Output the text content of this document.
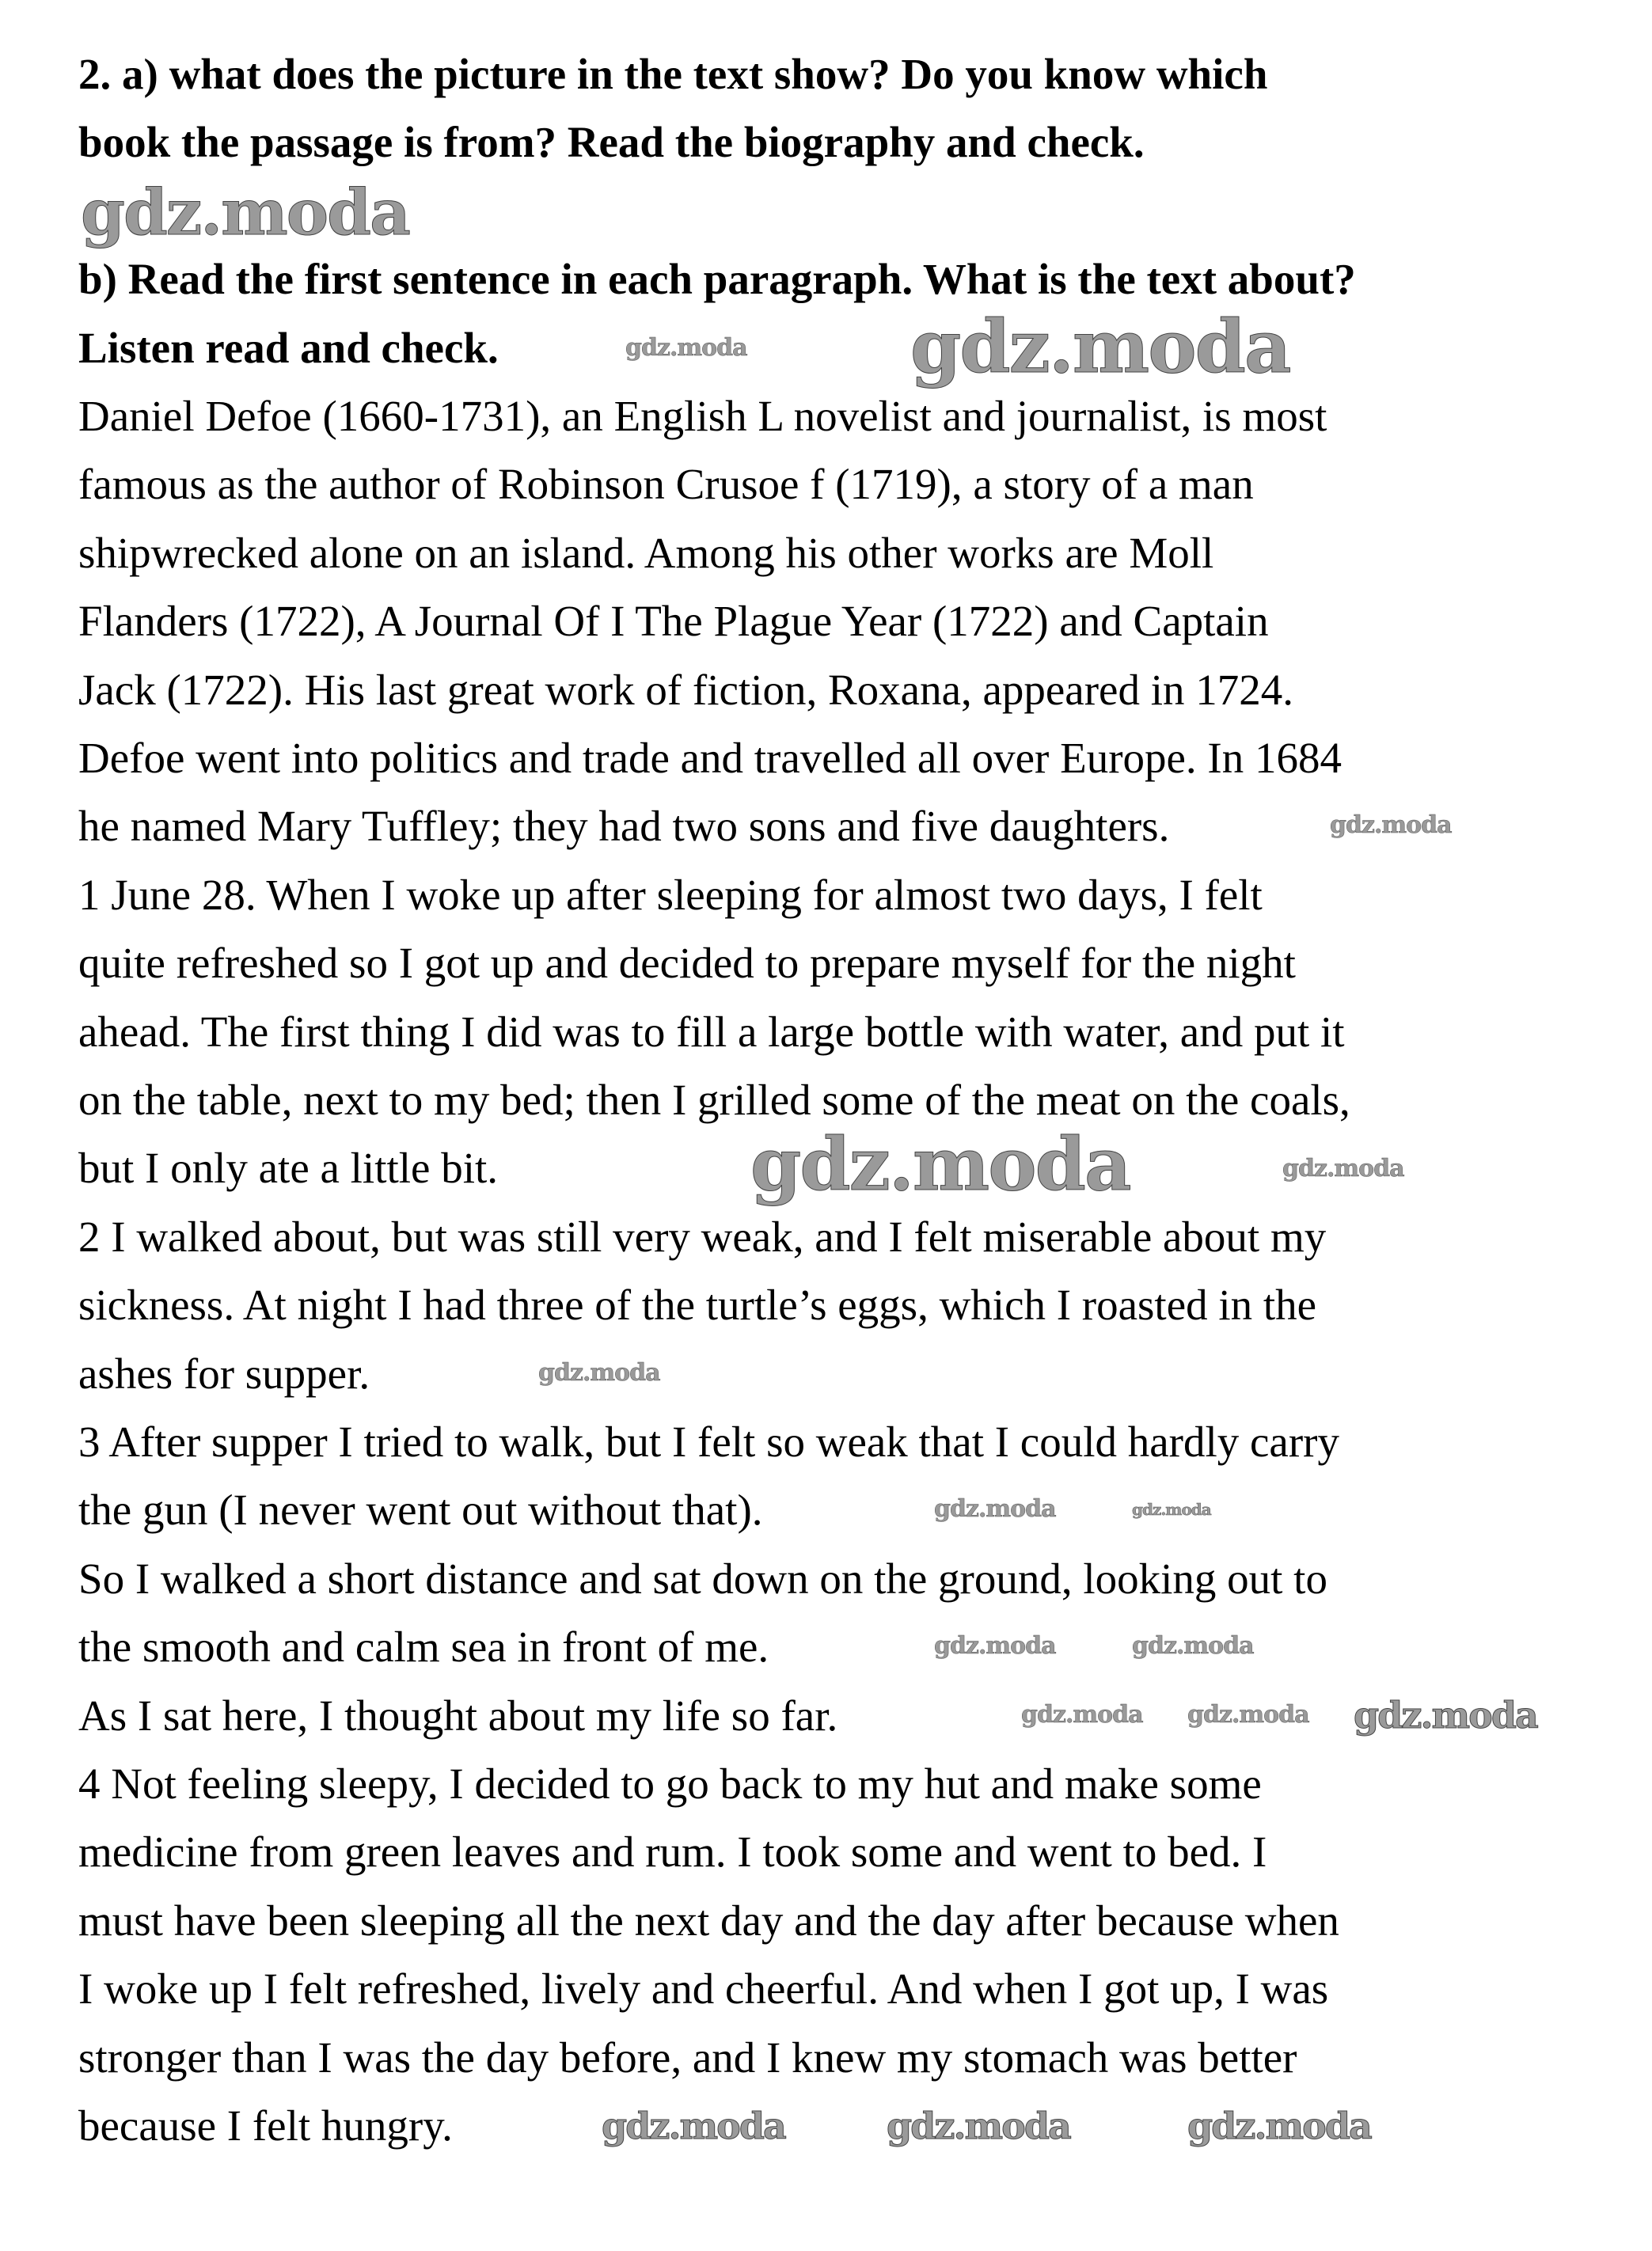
2. a) what does the picture in the text show? Do you know which
book the passage is from? Read the biography and check.
b) Read the first sentence in each paragraph. What is the text about?
Listen read and check.
Daniel Defoe (1660-1731), an English L novelist and journalist, is most
famous as the author of Robinson Crusoe f (1719), a story of a man
shipwrecked alone on an island. Among his other works are Moll
Flanders (1722), A Journal Of I The Plague Year (1722) and Captain
Jack (1722). His last great work of fiction, Roxana, appeared in 1724.
Defoe went into politics and trade and travelled all over Europe. In 1684
he named Mary Tuffley; they had two sons and five daughters.
1 June 28. When I woke up after sleeping for almost two days, I felt
quite refreshed so I got up and decided to prepare myself for the night
ahead. The first thing I did was to fill a large bottle with water, and put it
on the table, next to my bed; then I grilled some of the meat on the coals,
but I only ate a little bit.
2 I walked about, but was still very weak, and I felt miserable about my
sickness. At night I had three of the turtle’s eggs, which I roasted in the
ashes for supper.
3 After supper I tried to walk, but I felt so weak that I could hardly carry
the gun (I never went out without that).
So I walked a short distance and sat down on the ground, looking out to
the smooth and calm sea in front of me.
As I sat here, I thought about my life so far.
4 Not feeling sleepy, I decided to go back to my hut and make some
medicine from green leaves and rum. I took some and went to bed. I
must have been sleeping all the next day and the day after because when
I woke up I felt refreshed, lively and cheerful. And when I got up, I was
stronger than I was the day before, and I knew my stomach was better
because I felt hungry.
gdz.moda
gdz.moda
gdz.moda
gdz.moda
gdz.moda	gdz.moda
gdz.moda
gdz.moda	gdz.moda
gdz.moda	gdz.moda
gdz.moda gdz.moda gdz.moda
gdz.moda	gdz.moda	gdz.moda
